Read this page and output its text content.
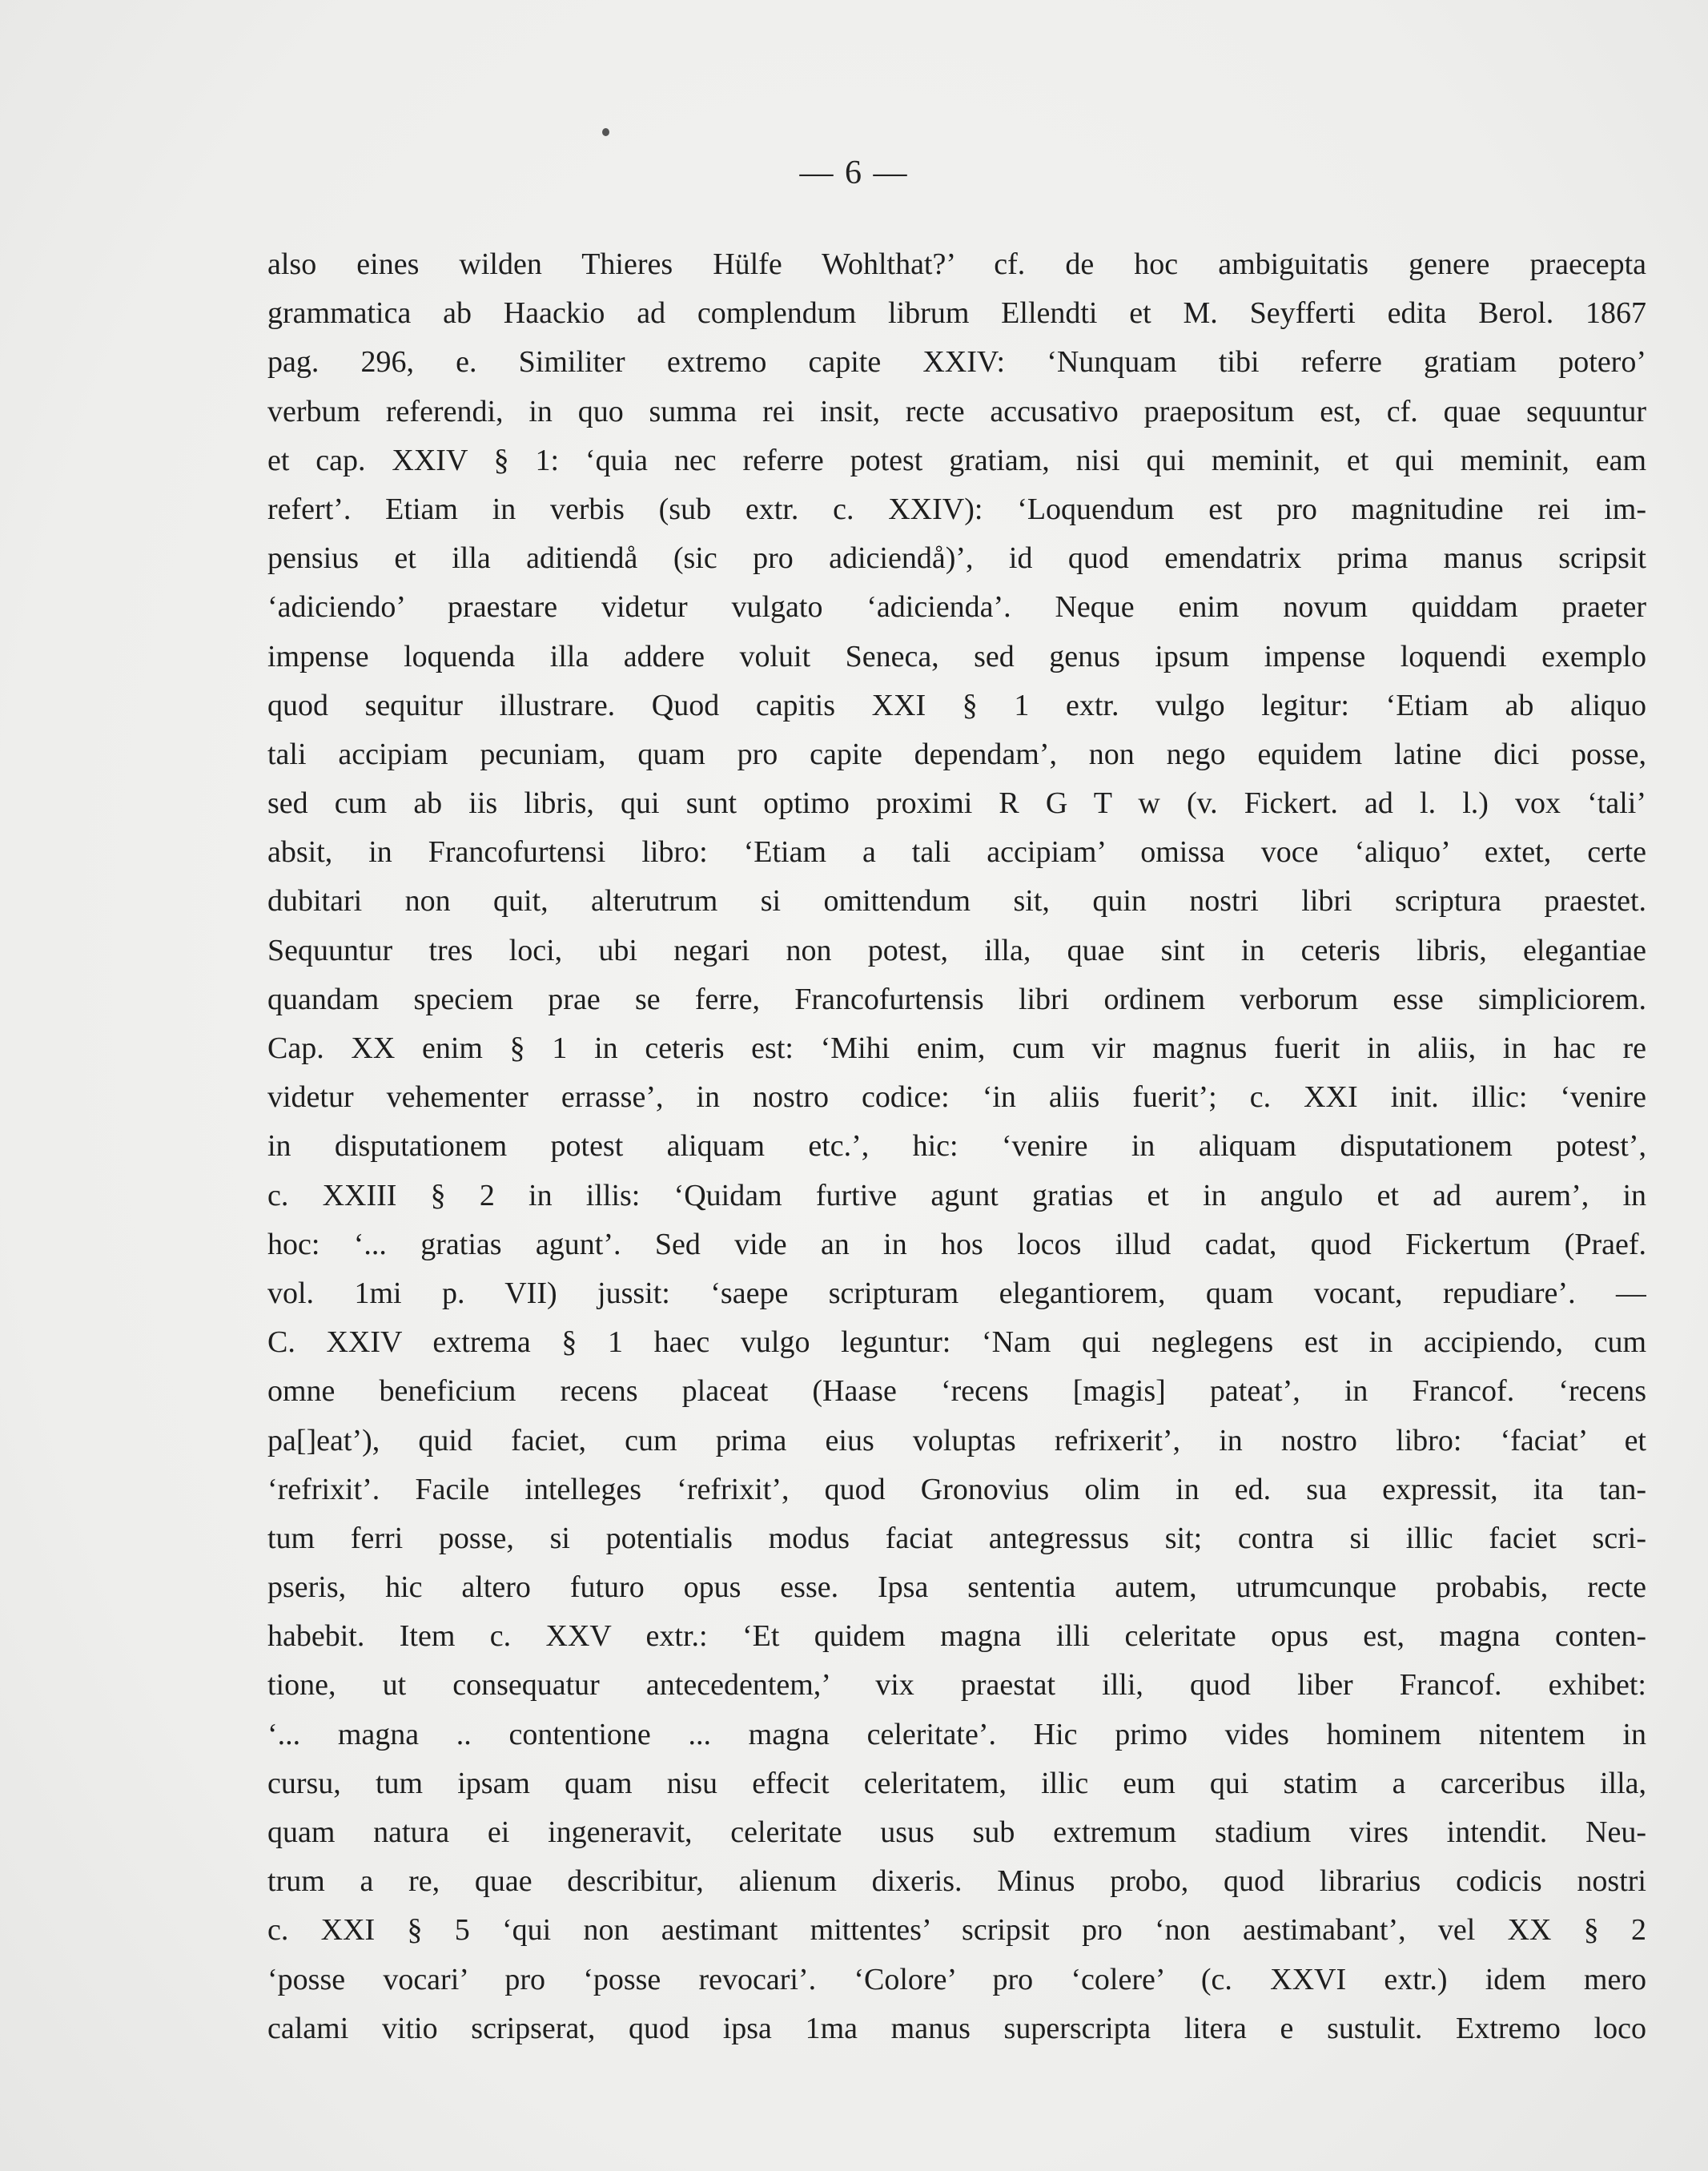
— 6 —
also eines wilden Thieres Hülfe Wohlthat?’ cf. de hoc ambiguitatis genere praecepta
grammatica ab Haackio ad complendum librum Ellendti et M. Seyfferti edita Berol. 1867
pag. 296, e. Similiter extremo capite XXIV: ‘Nunquam tibi referre gratiam potero’
verbum referendi, in quo summa rei insit, recte accusativo praepositum est, cf. quae sequuntur
et cap. XXIV § 1: ‘quia nec referre potest gratiam, nisi qui meminit, et qui meminit, eam
refert’. Etiam in verbis (sub extr. c. XXIV): ‘Loquendum est pro magnitudine rei im-
pensius et illa aditiendå (sic pro adiciendå)’, id quod emendatrix prima manus scripsit
‘adiciendo’ praestare videtur vulgato ‘adicienda’. Neque enim novum quiddam praeter
impense loquenda illa addere voluit Seneca, sed genus ipsum impense loquendi exemplo
quod sequitur illustrare. Quod capitis XXI § 1 extr. vulgo legitur: ‘Etiam ab aliquo
tali accipiam pecuniam, quam pro capite dependam’, non nego equidem latine dici posse,
sed cum ab iis libris, qui sunt optimo proximi R G T w (v. Fickert. ad l. l.) vox ‘tali’
absit, in Francofurtensi libro: ‘Etiam a tali accipiam’ omissa voce ‘aliquo’ extet, certe
dubitari non quit, alterutrum si omittendum sit, quin nostri libri scriptura praestet.
Sequuntur tres loci, ubi negari non potest, illa, quae sint in ceteris libris, elegantiae
quandam speciem prae se ferre, Francofurtensis libri ordinem verborum esse simpliciorem.
Cap. XX enim § 1 in ceteris est: ‘Mihi enim, cum vir magnus fuerit in aliis, in hac re
videtur vehementer errasse’, in nostro codice: ‘in aliis fuerit’; c. XXI init. illic: ‘venire
in disputationem potest aliquam etc.’, hic: ‘venire in aliquam disputationem potest’,
c. XXIII § 2 in illis: ‘Quidam furtive agunt gratias et in angulo et ad aurem’, in
hoc: ‘... gratias agunt’. Sed vide an in hos locos illud cadat, quod Fickertum (Praef.
vol. 1mi p. VII) jussit: ‘saepe scripturam elegantiorem, quam vocant, repudiare’. —
C. XXIV extrema § 1 haec vulgo leguntur: ‘Nam qui neglegens est in accipiendo, cum
omne beneficium recens placeat (Haase ‘recens [magis] pateat’, in Francof. ‘recens
pa[]eat’), quid faciet, cum prima eius voluptas refrixerit’, in nostro libro: ‘faciat’ et
‘refrixit’. Facile intelleges ‘refrixit’, quod Gronovius olim in ed. sua expressit, ita tan-
tum ferri posse, si potentialis modus faciat antegressus sit; contra si illic faciet scri-
pseris, hic altero futuro opus esse. Ipsa sententia autem, utrumcunque probabis, recte
habebit. Item c. XXV extr.: ‘Et quidem magna illi celeritate opus est, magna conten-
tione, ut consequatur antecedentem,’ vix praestat illi, quod liber Francof. exhibet:
‘... magna .. contentione ... magna celeritate’. Hic primo vides hominem nitentem in
cursu, tum ipsam quam nisu effecit celeritatem, illic eum qui statim a carceribus illa,
quam natura ei ingeneravit, celeritate usus sub extremum stadium vires intendit. Neu-
trum a re, quae describitur, alienum dixeris. Minus probo, quod librarius codicis nostri
c. XXI § 5 ‘qui non aestimant mittentes’ scripsit pro ‘non aestimabant’, vel XX § 2
‘posse vocari’ pro ‘posse revocari’. ‘Colore’ pro ‘colere’ (c. XXVI extr.) idem mero
calami vitio scripserat, quod ipsa 1ma manus superscripta litera e sustulit. Extremo loco
